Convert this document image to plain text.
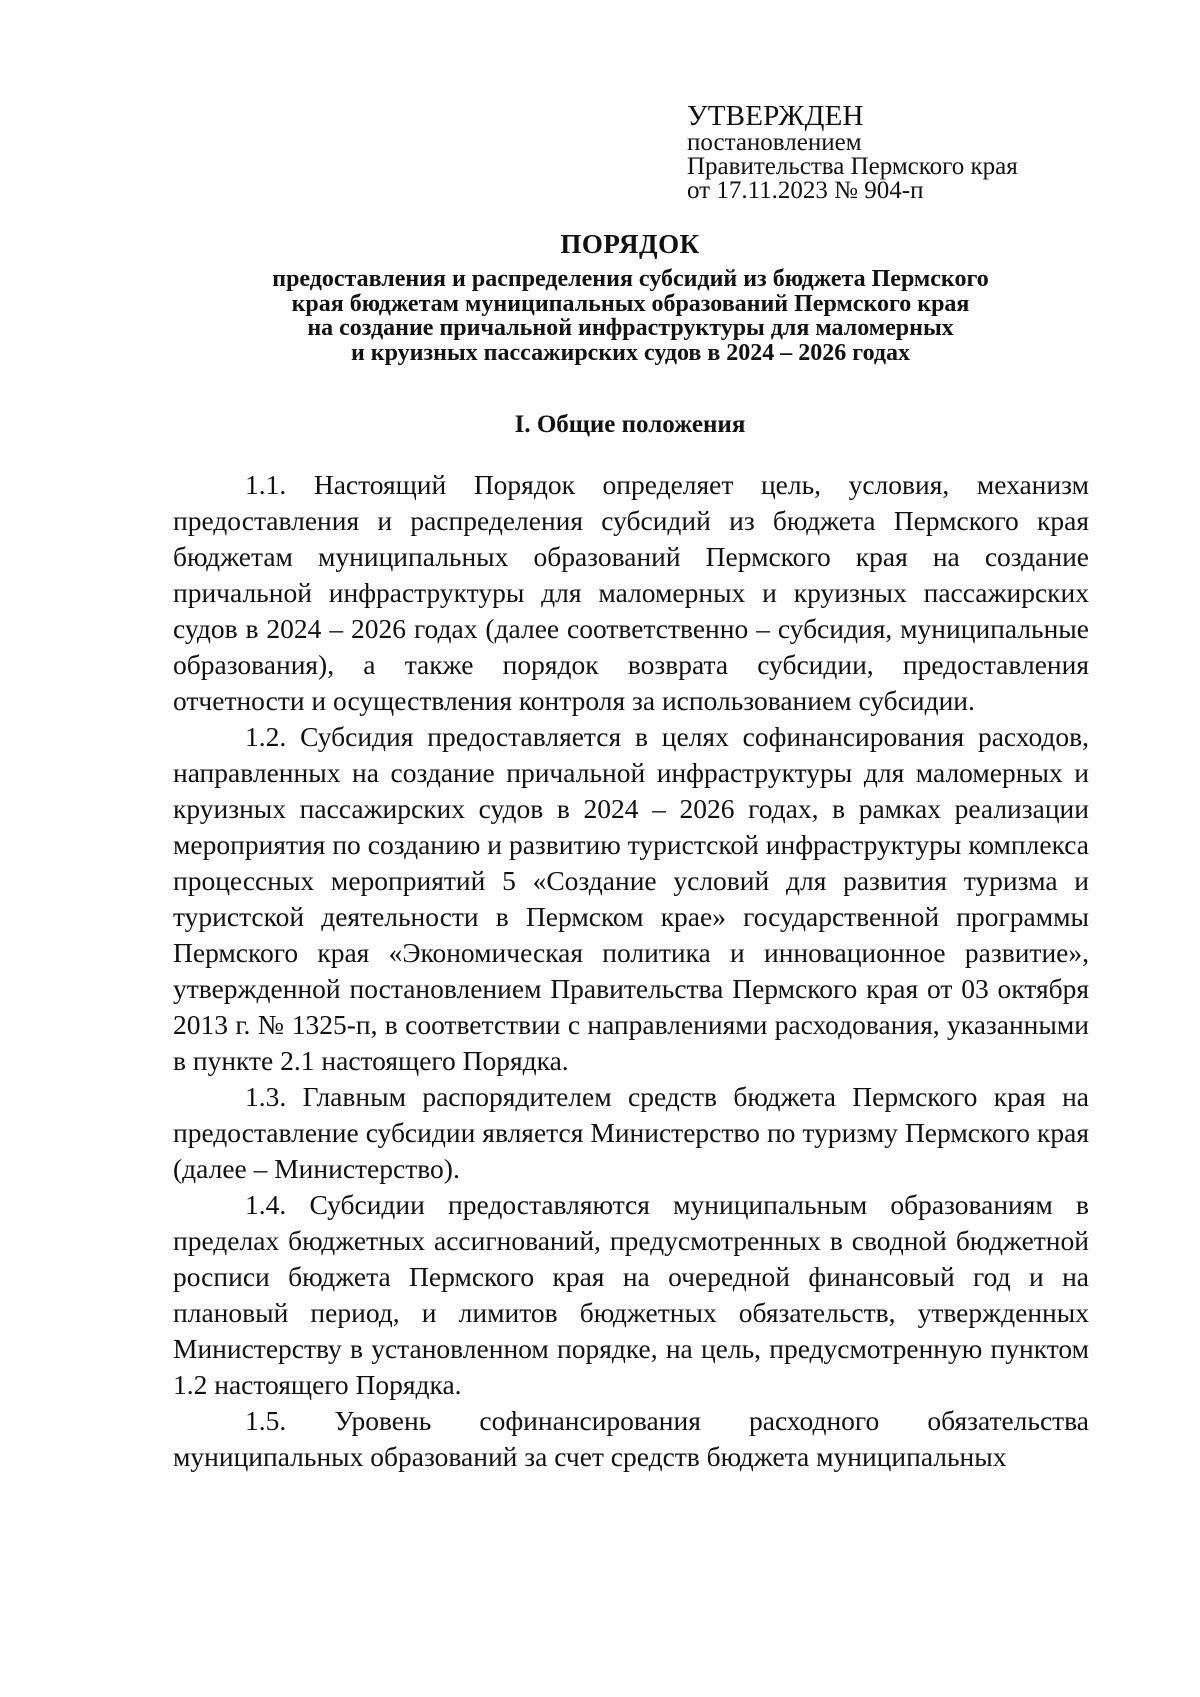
УТВЕРЖДЕН
постановлением
Правительства Пермского края
от 17.11.2023 № 904-п
ПОРЯДОК
предоставления и распределения субсидий из бюджета Пермского
края бюджетам муниципальных образований Пермского края
на создание причальной инфраструктуры для маломерных
и круизных пассажирских судов в 2024 – 2026 годах
I. Общие положения

1.1. Настоящий Порядок определяет цель, условия, механизм предоставления и распределения субсидий из бюджета Пермского края бюджетам муниципальных образований Пермского края на создание причальной инфраструктуры для маломерных и круизных пассажирских судов в 2024 – 2026 годах (далее соответственно – субсидия, муниципальные образования), а также порядок возврата субсидии, предоставления отчетности и осуществления контроля за использованием субсидии.

1.2. Субсидия предоставляется в целях софинансирования расходов, направленных на создание причальной инфраструктуры для маломерных и круизных пассажирских судов в 2024 – 2026 годах, в рамках реализации мероприятия по созданию и развитию туристской инфраструктуры комплекса процессных мероприятий 5 «Создание условий для развития туризма и туристской деятельности в Пермском крае» государственной программы Пермского края «Экономическая политика и инновационное развитие», утвержденной постановлением Правительства Пермского края от 03 октября 2013 г. № 1325-п, в соответствии с направлениями расходования, указанными в пункте 2.1 настоящего Порядка.

1.3. Главным распорядителем средств бюджета Пермского края на предоставление субсидии является Министерство по туризму Пермского края (далее – Министерство).

1.4. Субсидии предоставляются муниципальным образованиям в пределах бюджетных ассигнований, предусмотренных в сводной бюджетной росписи бюджета Пермского края на очередной финансовый год и на плановый период, и лимитов бюджетных обязательств, утвержденных Министерству в установленном порядке, на цель, предусмотренную пунктом 1.2 настоящего Порядка.

1.5. Уровень софинансирования расходного обязательства муниципальных образований за счет средств бюджета муниципальных
